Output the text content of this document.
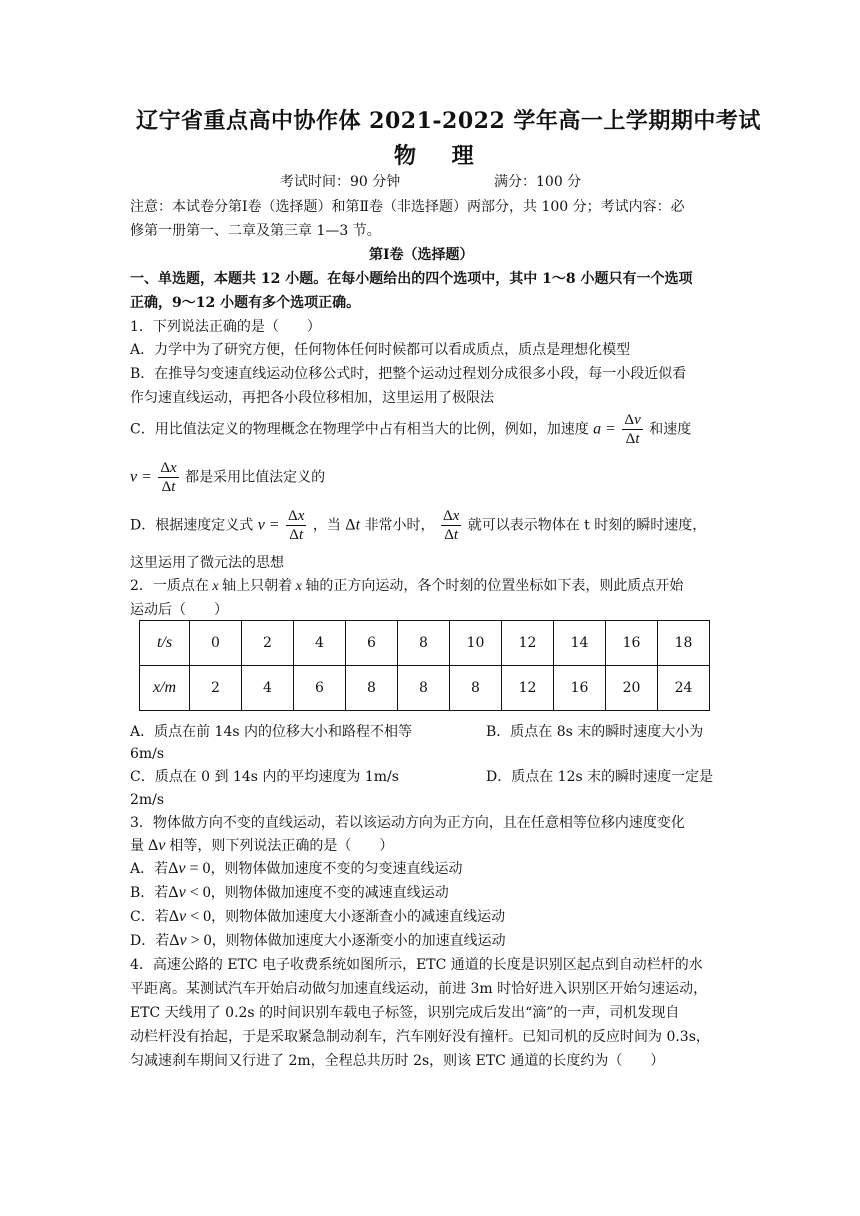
辽宁省重点高中协作体 2021-2022 学年高一上学期期中考试
物 理
考试时间：90 分钟	满分：100 分
注意：本试卷分第Ⅰ卷（选择题）和第Ⅱ卷（非选择题）两部分，共 100 分；考试内容：必
修第一册第一、二章及第三章 1—3 节。
第Ⅰ卷（选择题）
一、单选题，本题共 12 小题。在每小题给出的四个选项中，其中 1～8 小题只有一个选项
正确，9～12 小题有多个选项正确。
1．下列说法正确的是（　　）
A．力学中为了研究方便，任何物体任何时候都可以看成质点，质点是理想化模型
B．在推导匀变速直线运动位移公式时，把整个运动过程划分成很多小段，每一小段近似看
作匀速直线运动，再把各小段位移相加，这里运用了极限法
C．用比值法定义的物理概念在物理学中占有相当大的比例，例如，加速度 $a = \frac{\Delta v}{\Delta t}$ 和速度
$v = \frac{\Delta x}{\Delta t}$ 都是采用比值法定义的
D．根据速度定义式 $v = \frac{\Delta x}{\Delta t}$ ，当 Δt 非常小时， $\frac{\Delta x}{\Delta t}$ 就可以表示物体在 t 时刻的瞬时速度，
这里运用了微元法的思想
2．一质点在 x 轴上只朝着 x 轴的正方向运动，各个时刻的位置坐标如下表，则此质点开始
运动后（　　）
t/s	0	2	4	6	8	10	12	14	16	18
x/m	2	4	6	8	8	8	12	16	20	24
A．质点在前 14s 内的位移大小和路程不相等	B．质点在 8s 末的瞬时速度大小为
6m/s
C．质点在 0 到 14s 内的平均速度为 1m/s	D．质点在 12s 末的瞬时速度一定是
2m/s
3．物体做方向不变的直线运动，若以该运动方向为正方向，且在任意相等位移内速度变化
量 Δv 相等，则下列说法正确的是（　　）
A．若Δv = 0，则物体做加速度不变的匀变速直线运动
B．若Δv < 0，则物体做加速度不变的减速直线运动
C．若Δv < 0，则物体做加速度大小逐渐查小的减速直线运动
D．若Δv > 0，则物体做加速度大小逐渐变小的加速直线运动
4．高速公路的 ETC 电子收费系统如图所示，ETC 通道的长度是识别区起点到自动栏杆的水
平距离。某测试汽车开始启动做匀加速直线运动，前进 3m 时恰好进入识别区开始匀速运动，
ETC 天线用了 0.2s 的时间识别车载电子标签，识别完成后发出“滴”的一声，司机发现自
动栏杆没有抬起，于是采取紧急制动刹车，汽车刚好没有撞杆。已知司机的反应时间为 0.3s，
匀减速刹车期间又行进了 2m，全程总共历时 2s，则该 ETC 通道的长度约为（　　）
